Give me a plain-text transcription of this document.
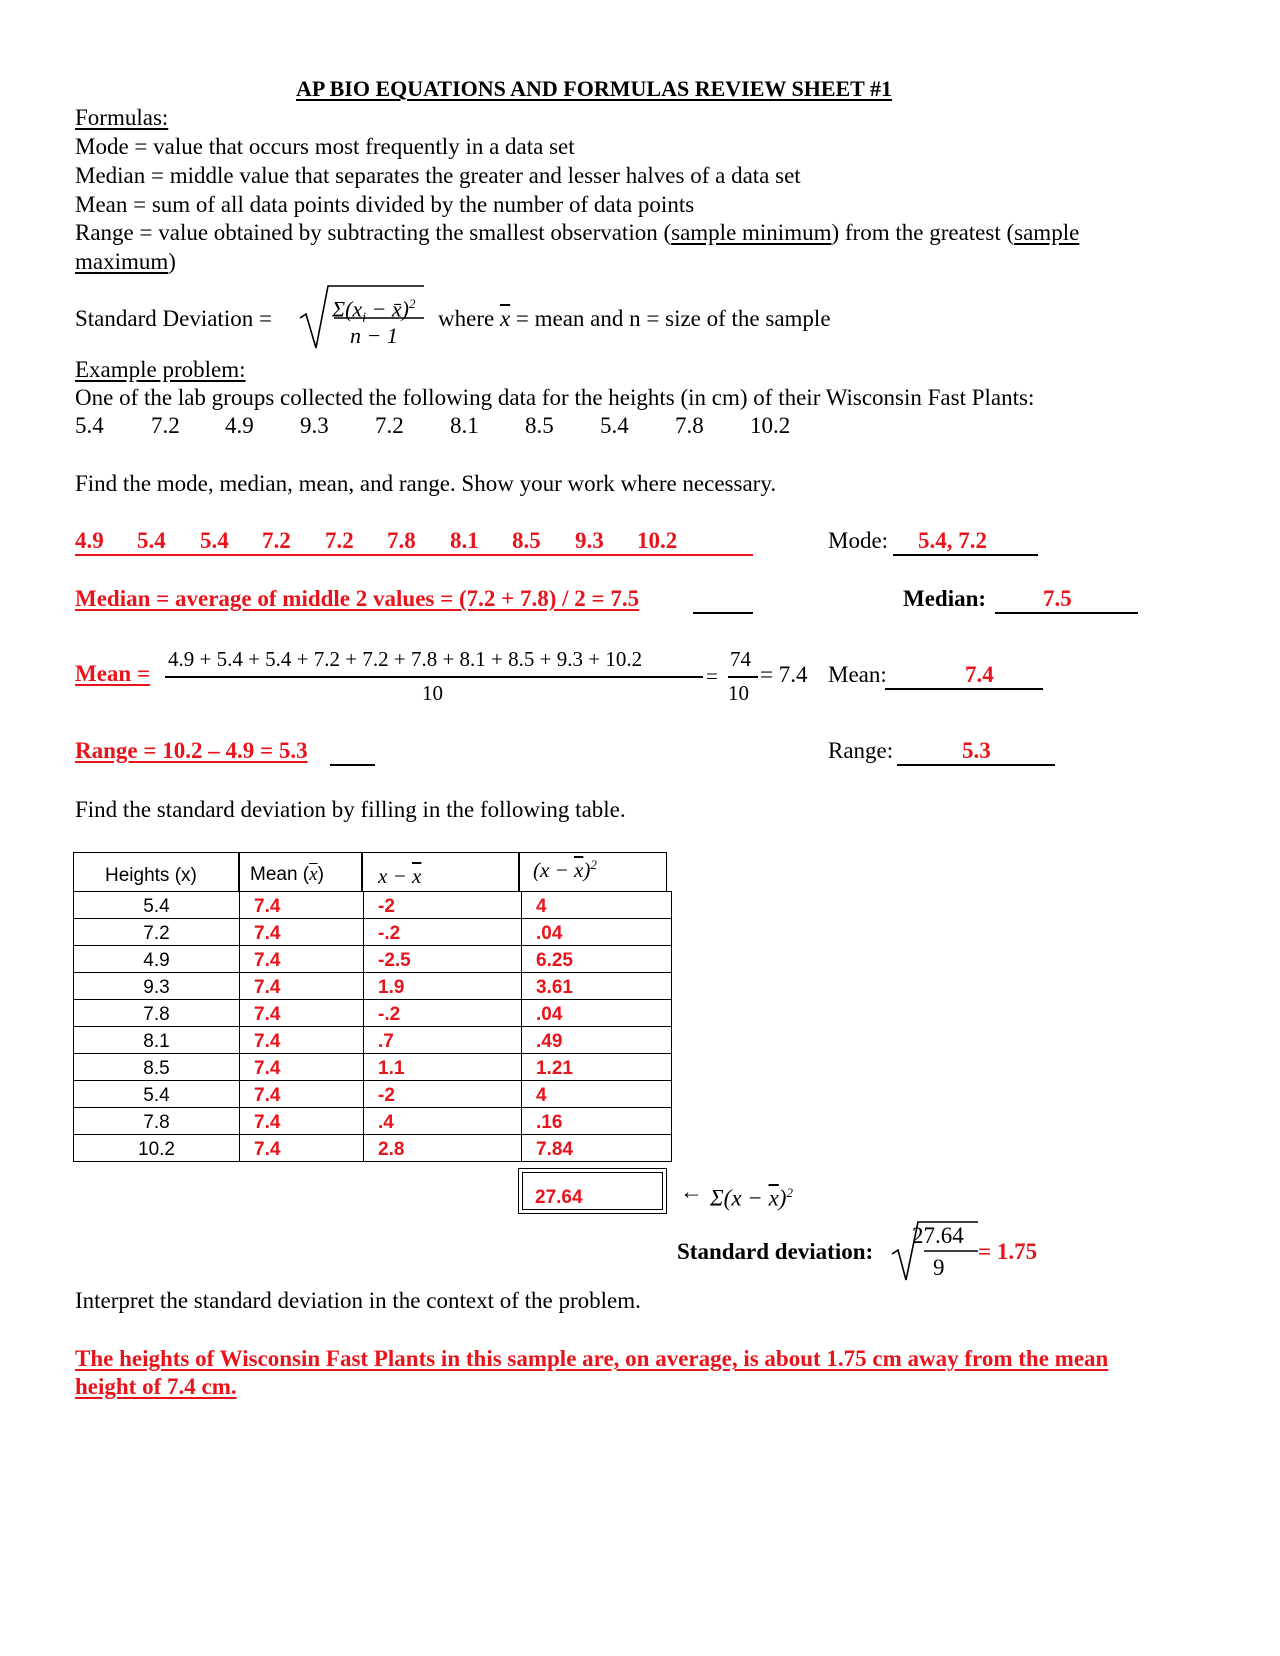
AP BIO EQUATIONS AND FORMULAS REVIEW SHEET #1
Formulas:
Mode = value that occurs most frequently in a data set
Median = middle value that separates the greater and lesser halves of a data set
Mean = sum of all data points divided by the number of data points
Range = value obtained by subtracting the smallest observation (sample minimum) from the greatest (sample
maximum)
Standard Deviation =	$\Sigma(x_i$ − x̄)$^2$
n − 1
where $\overline{x}$ = mean and n = size of the sample
Example problem:
One of the lab groups collected the following data for the heights (in cm) of their Wisconsin Fast Plants:
5.4 7.2 4.9 9.3 7.2 8.1 8.5 5.4 7.8 10.2
Find the mode, median, mean, and range. Show your work where necessary.
4.9 5.4 5.4 7.2 7.2 7.8 8.1 8.5 9.3 10.2	Mode: 5.4, 7.2
Median = average of middle 2 values = (7.2 + 7.8) / 2 = 7.5	Median: 7.5
Mean =
4.9 + 5.4 + 5.4 + 7.2 + 7.2 + 7.8 + 8.1 + 8.5 + 9.3 + 10.2
10
=
74
10
= 7.4 Mean:	7.4
Range = 10.2 – 4.9 = 5.3	Range:	5.3
Find the standard deviation by filling in the following table.
Heights (x)	Mean $(\overline{x})$	$x - \overline{x}$	$(x - \overline{x})^2$
5.4	7.4	-2	4
7.2	7.4	-.2	.04
4.9	7.4	-2.5	6.25
9.3	7.4	1.9	3.61
7.8	7.4	-.2	.04
8.1	7.4	.7	.49
8.5	7.4	1.1	1.21
5.4	7.4	-2	4
7.8	7.4	.4	.16
10.2	7.4	2.8	7.84
27.64	← $\Sigma(x - \overline{x})^2$
Standard deviation:
27.64
9
= 1.75
Interpret the standard deviation in the context of the problem.
The heights of Wisconsin Fast Plants in this sample are, on average, is about 1.75 cm away from the mean
height of 7.4 cm.
